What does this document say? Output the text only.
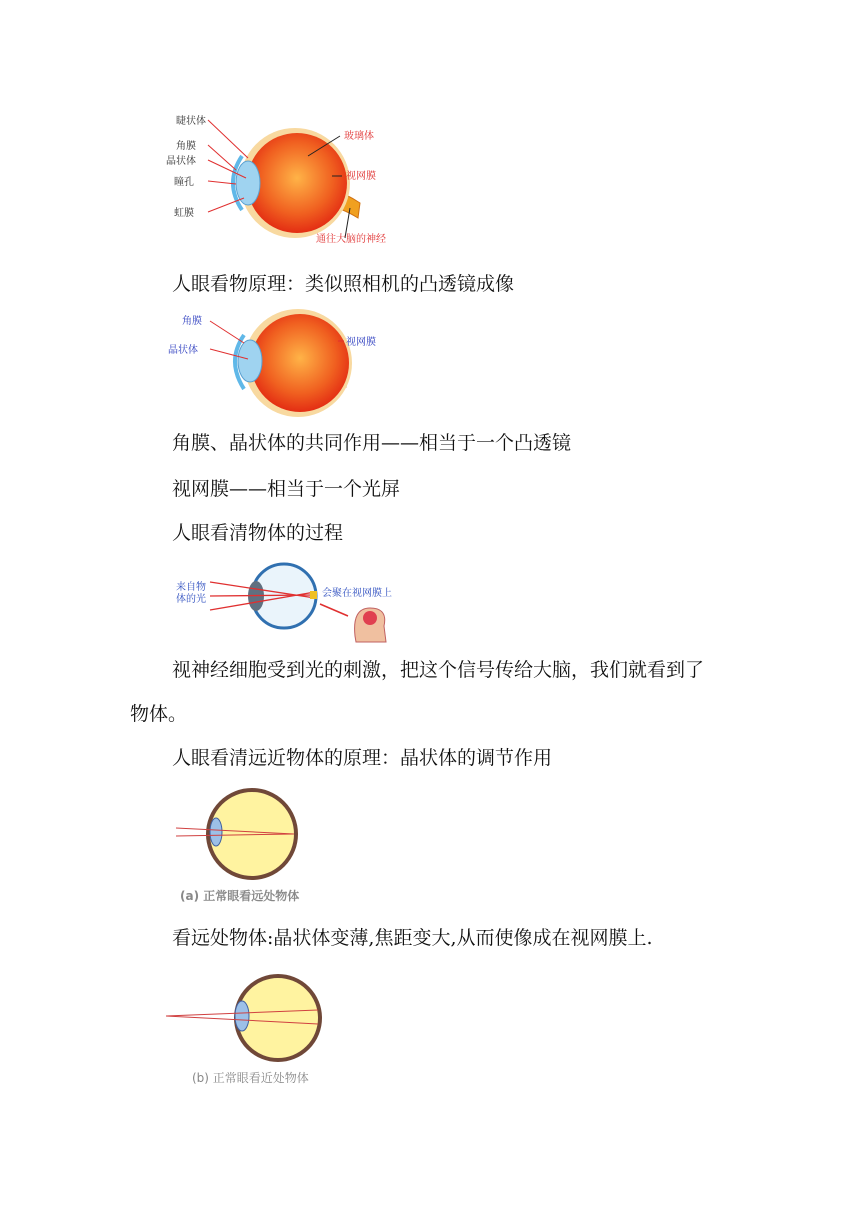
睫状体
角膜
晶状体
瞳孔
虹膜
玻璃体
视网膜
通往大脑的神经
人眼看物原理：类似照相机的凸透镜成像
角膜
晶状体
视网膜
角膜、晶状体的共同作用——相当于一个凸透镜
视网膜——相当于一个光屏
人眼看清物体的过程
来自物
体的光
会聚在视网膜上
视神经细胞受到光的刺激，把这个信号传给大脑，我们就看到了
物体。
人眼看清远近物体的原理：晶状体的调节作用
(a) 正常眼看远处物体
看远处物体:晶状体变薄,焦距变大,从而使像成在视网膜上.
(b) 正常眼看近处物体
